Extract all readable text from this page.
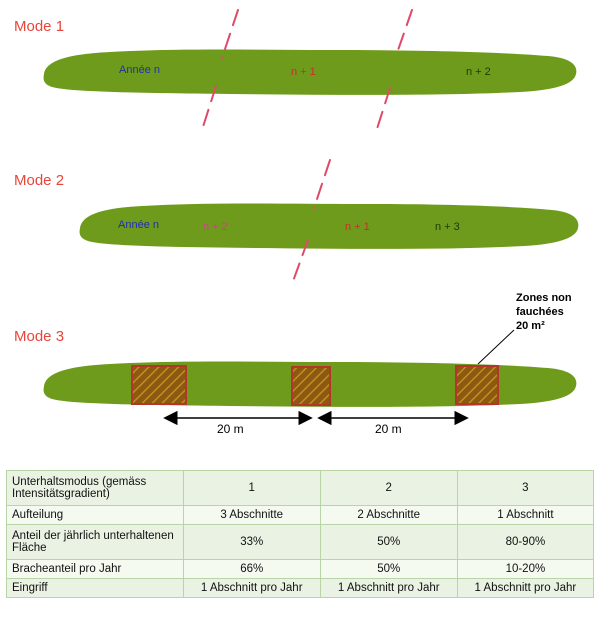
Mode 1
Mode 2
Mode 3
Année n	n + 1	n + 2
Année n	n + 2	n + 1	n + 3
Zones non
fauchées
20 m²
20 m	20 m
Unterhaltsmodus (gemäss Intensitätsgradient)	1	2	3
Aufteilung	3 Abschnitte	2 Abschnitte	1 Abschnitt
Anteil der jährlich unterhaltenen Fläche	33%	50%	80-90%
Bracheanteil pro Jahr	66%	50%	10-20%
Eingriff	1 Abschnitt pro Jahr	1 Abschnitt pro Jahr	1 Abschnitt pro Jahr
